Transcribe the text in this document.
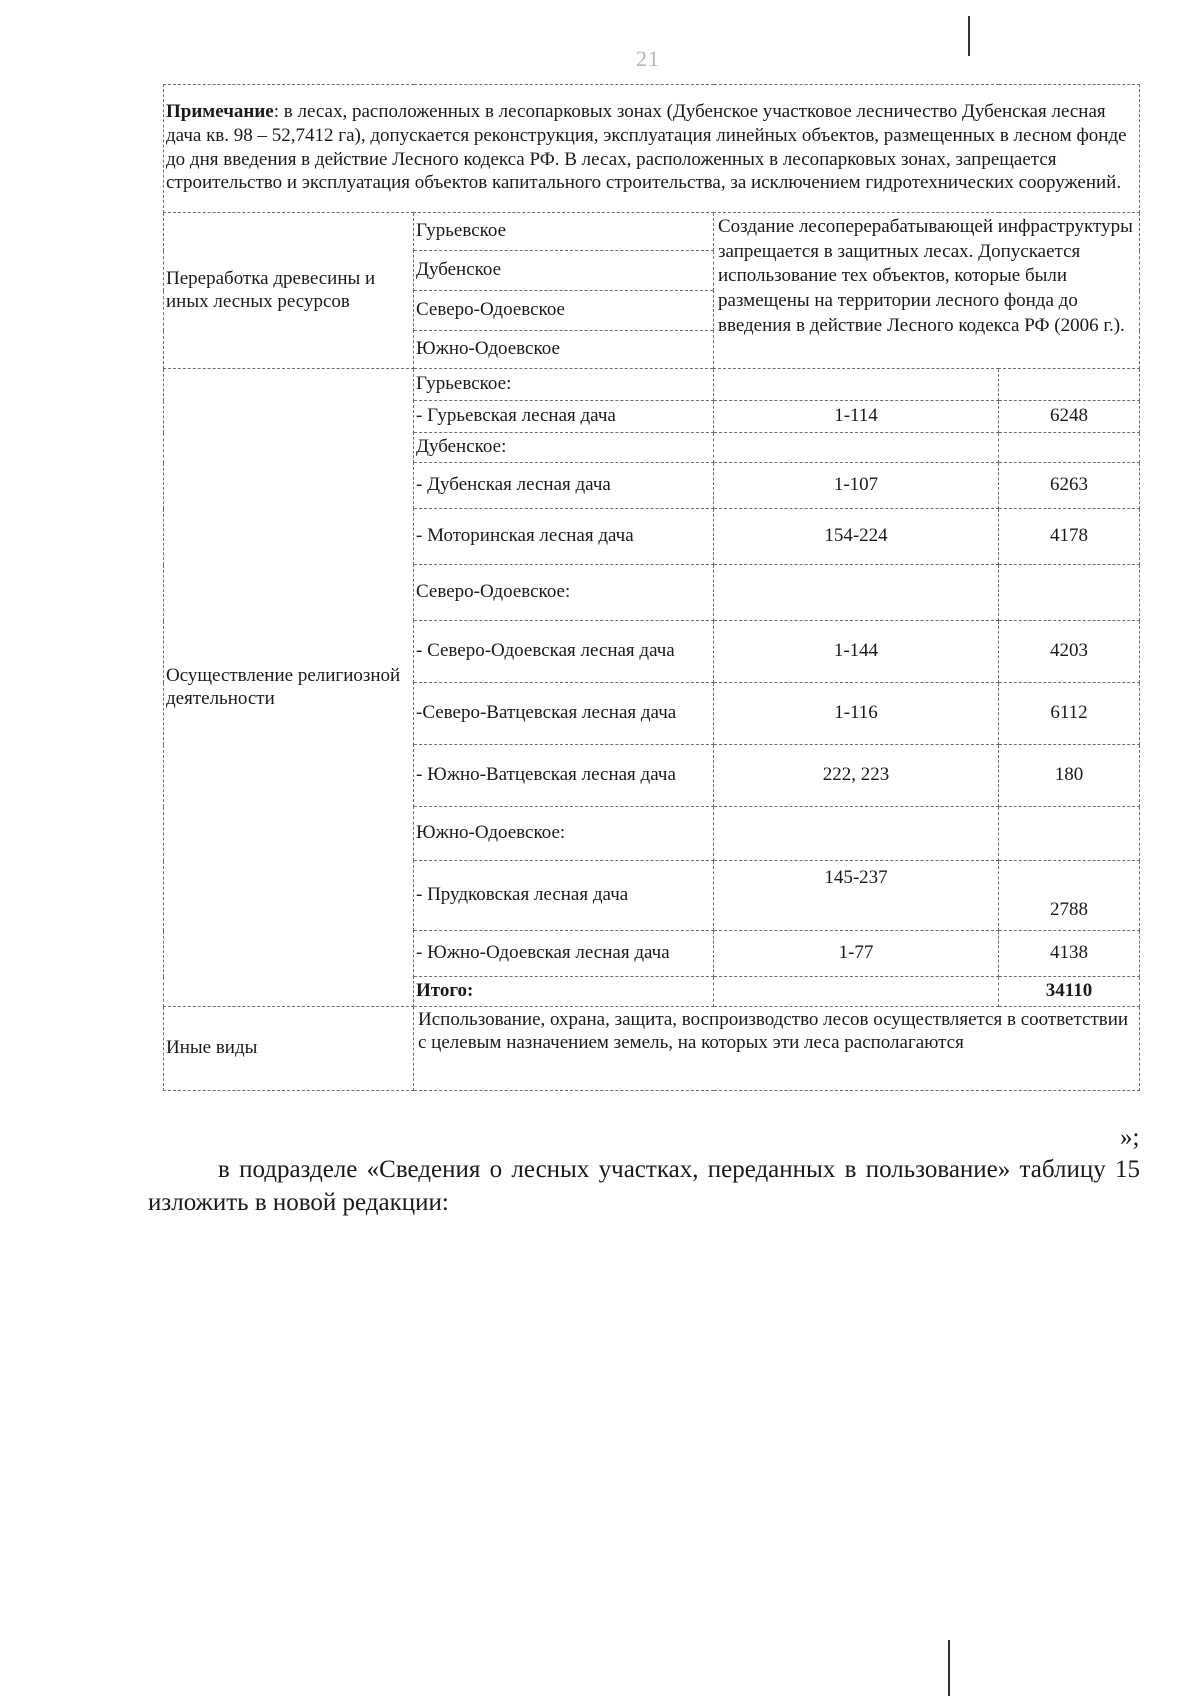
21
Примечание: в лесах, расположенных в лесопарковых зонах (Дубенское участковое лесничество Дубенская лесная дача кв. 98 – 52,7412 га), допускается реконструкция, эксплуатация линейных объектов, размещенных в лесном фонде до дня введения в действие Лесного кодекса РФ. В лесах, расположенных в лесопарковых зонах, запрещается строительство и эксплуатация объектов капитального строительства, за исключением гидротехнических сооружений.			
Переработка древесины и иных лесных ресурсов	Гурьевское	Создание лесоперерабатывающей инфраструктуры запрещается в защитных лесах. Допускается использование тех объектов, которые были размещены на территории лесного фонда до введения в действие Лесного кодекса РФ (2006 г.).	
	Дубенское		
	Северо-Одоевское		
	Южно-Одоевское		
Осуществление религиозной деятельности	Гурьевское:		
	- Гурьевская лесная дача	1-114	6248
	Дубенское:		
	- Дубенская лесная дача	1-107	6263
	- Моторинская лесная дача	154-224	4178
	Северо-Одоевское:		
	- Северо-Одоевская лесная дача	1-144	4203
	-Северо-Ватцевская лесная дача	1-116	6112
	- Южно-Ватцевская лесная дача	222, 223	180
	Южно-Одоевское:		
	- Прудковская лесная дача	145-237	2788
	- Южно-Одоевская лесная дача	1-77	4138
	Итого:		34110
Иные виды	Использование, охрана, защита, воспроизводство лесов осуществляется в соответствии с целевым назначением земель, на которых эти леса располагаются		
»;
в подразделе «Сведения о лесных участках, переданных в пользование» таблицу 15 изложить в новой редакции:
